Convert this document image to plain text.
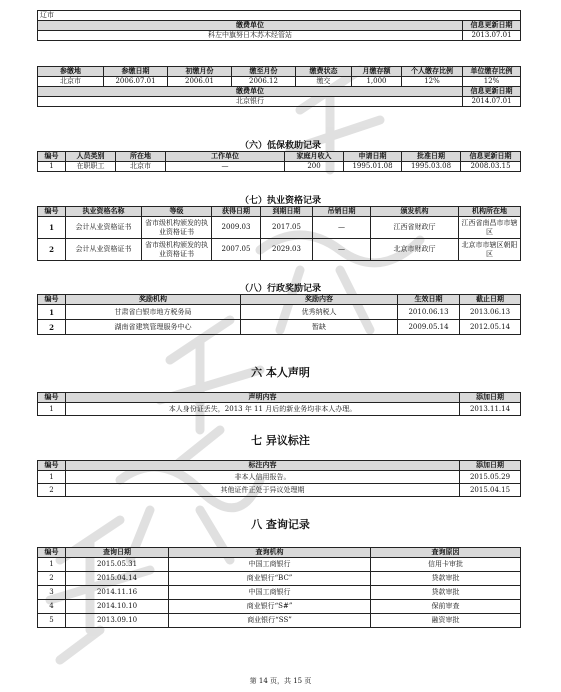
辽市	
缴费单位	信息更新日期
科左中旗努日木苏木经管站	2013.07.01
参缴地	参缴日期	初缴月份	缴至月份	缴费状态	月缴存额	个人缴存比例	单位缴存比例
北京市	2006.07.01	2006.01	2006.12	缴交	1,000	12%	12%
缴费单位							信息更新日期
北京银行							2014.07.01
（六）低保救助记录
编号	人员类别	所在地	工作单位	家庭月收入	申请日期	批准日期	信息更新日期
1	在职职工	北京市	—	200	1995.01.08	1995.03.08	2008.03.15
（七）执业资格记录
编号	执业资格名称	等级	获得日期	到期日期	吊销日期	颁发机构	机构所在地
1	会计从业资格证书	省市级机构颁发的执业资格证书	2009.03	2017.05	—	江西省财政厅	江西省南昌市市辖区
2	会计从业资格证书	省市级机构颁发的执业资格证书	2007.05	2029.03	—	北京市财政厅	北京市市辖区朝阳区
（八）行政奖励记录
编号	奖励机构	奖励内容	生效日期	截止日期
1	甘肃省白银市地方税务局	优秀纳税人	2010.06.13	2013.06.13
2	湖南省建筑管理服务中心	暂缺	2009.05.14	2012.05.14
六 本人声明
编号	声明内容	添加日期
1	本人身份证丢失，2013 年 11 月后的新业务均非本人办理。	2013.11.14
七 异议标注
编号	标注内容	添加日期
1	非本人信用报告。	2015.05.29
2	其他证件正处于异议处理期	2015.04.15
八 查询记录
编号	查询日期	查询机构	查询原因
1	2015.05.31	中国工商银行	信用卡审批
2	2015.04.14	商业银行“BC”	贷款审批
3	2014.11.16	中国工商银行	贷款审批
4	2014.10.10	商业银行“S#”	保前审查
5	2013.09.10	商业银行“SS”	融资审批
第 14 页，共 15 页
